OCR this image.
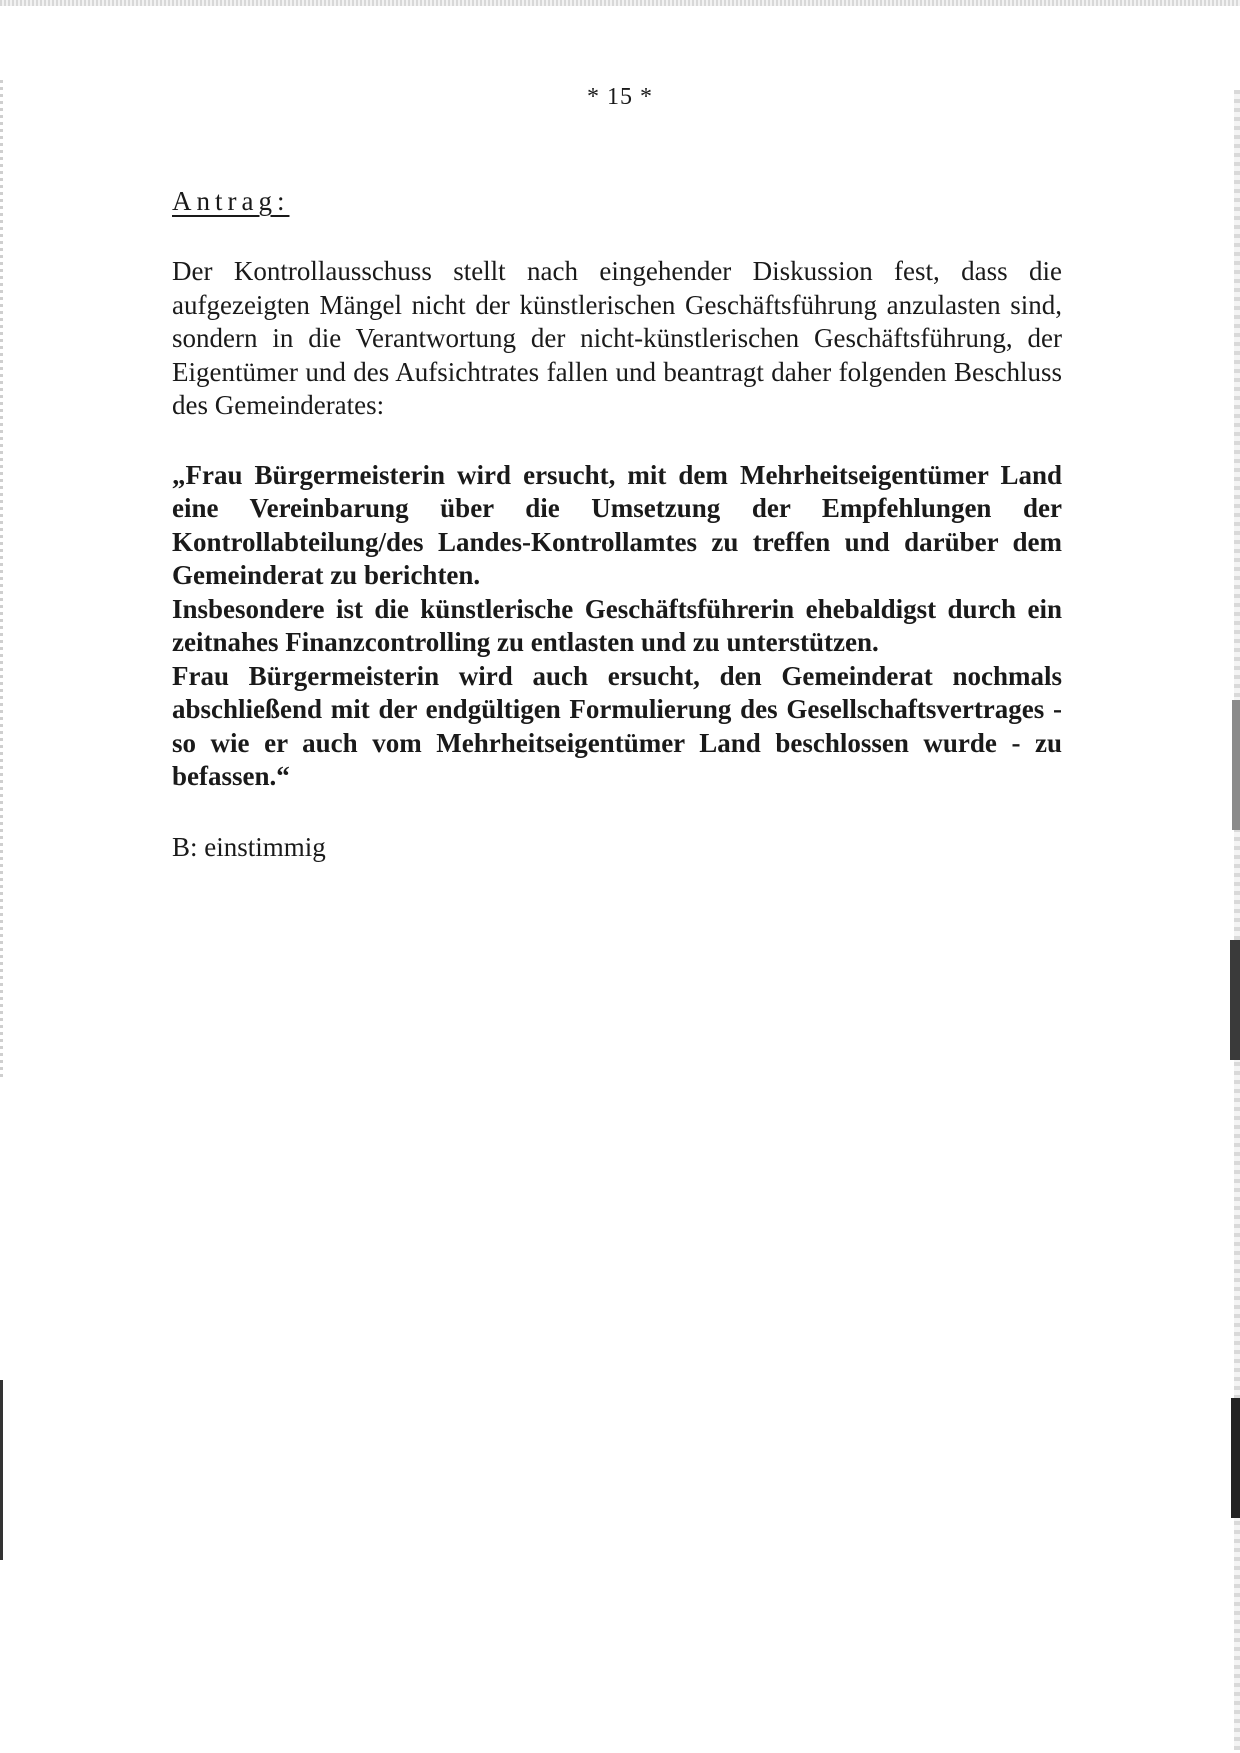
* 15 *
Antrag:

Der Kontrollausschuss stellt nach eingehender Diskussion fest, dass die aufgezeigten Mängel nicht der künstlerischen Geschäftsführung anzulasten sind, sondern in die Verantwortung der nicht-künstlerischen Geschäftsführung, der Eigentümer und des Aufsichtrates fallen und beantragt daher folgenden Beschluss des Gemeinderates:

„Frau Bürgermeisterin wird ersucht, mit dem Mehrheitseigentümer Land eine Vereinbarung über die Umsetzung der Empfehlungen der Kontrollabteilung/des Landes-Kontrollamtes zu treffen und darüber dem Gemeinderat zu berichten.

Insbesondere ist die künstlerische Geschäftsführerin ehebaldigst durch ein zeitnahes Finanzcontrolling zu entlasten und zu unterstützen.

Frau Bürgermeisterin wird auch ersucht, den Gemeinderat nochmals abschließend mit der endgültigen Formulierung des Gesellschaftsvertrages - so wie er auch vom Mehrheitseigentümer Land beschlossen wurde - zu befassen.“

B: einstimmig
